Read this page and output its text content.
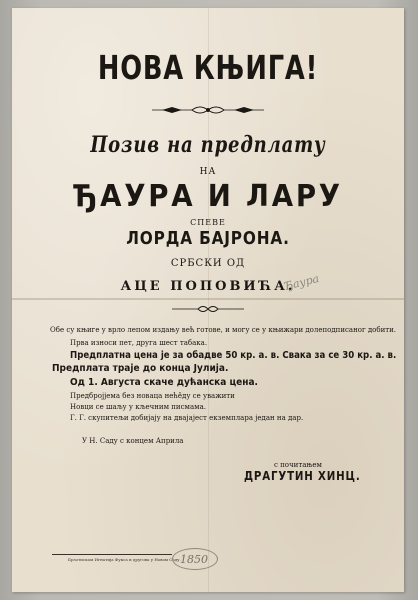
НОВА КЊИГА!
Позив на предплату
НА
ЂАУРА И ЛАРУ
СПЕВЕ
ЛОРДА БАЈРОНА.
СРБСКИ ОД
АЦЕ ПОПОВИЋА.
Ђаура
Обе су књиге у врло лепом издању већ готове, и могу се у књижари долеподписаног добити.
Прва износи пет, друга шест табака.
Предплатна цена је за обадве 50 кр. а. в. Свака за се 30 кр. а. в.
Предплата траје до конца Јулија.
Од 1. Августа скаче дућанска цена.
Предброjјема без новаца неће̂ду се уважити
Новци се шаљу у кљечним писмама.
Г. Г. скупитељи добијају на двајајест екземплара један на дар.
У Н. Саду с концем Априла
с почитањем
ДРАГУТИН ХИНЦ.
Брзотиском Игнатија Фукса и другова у Новом Саду. 1850
